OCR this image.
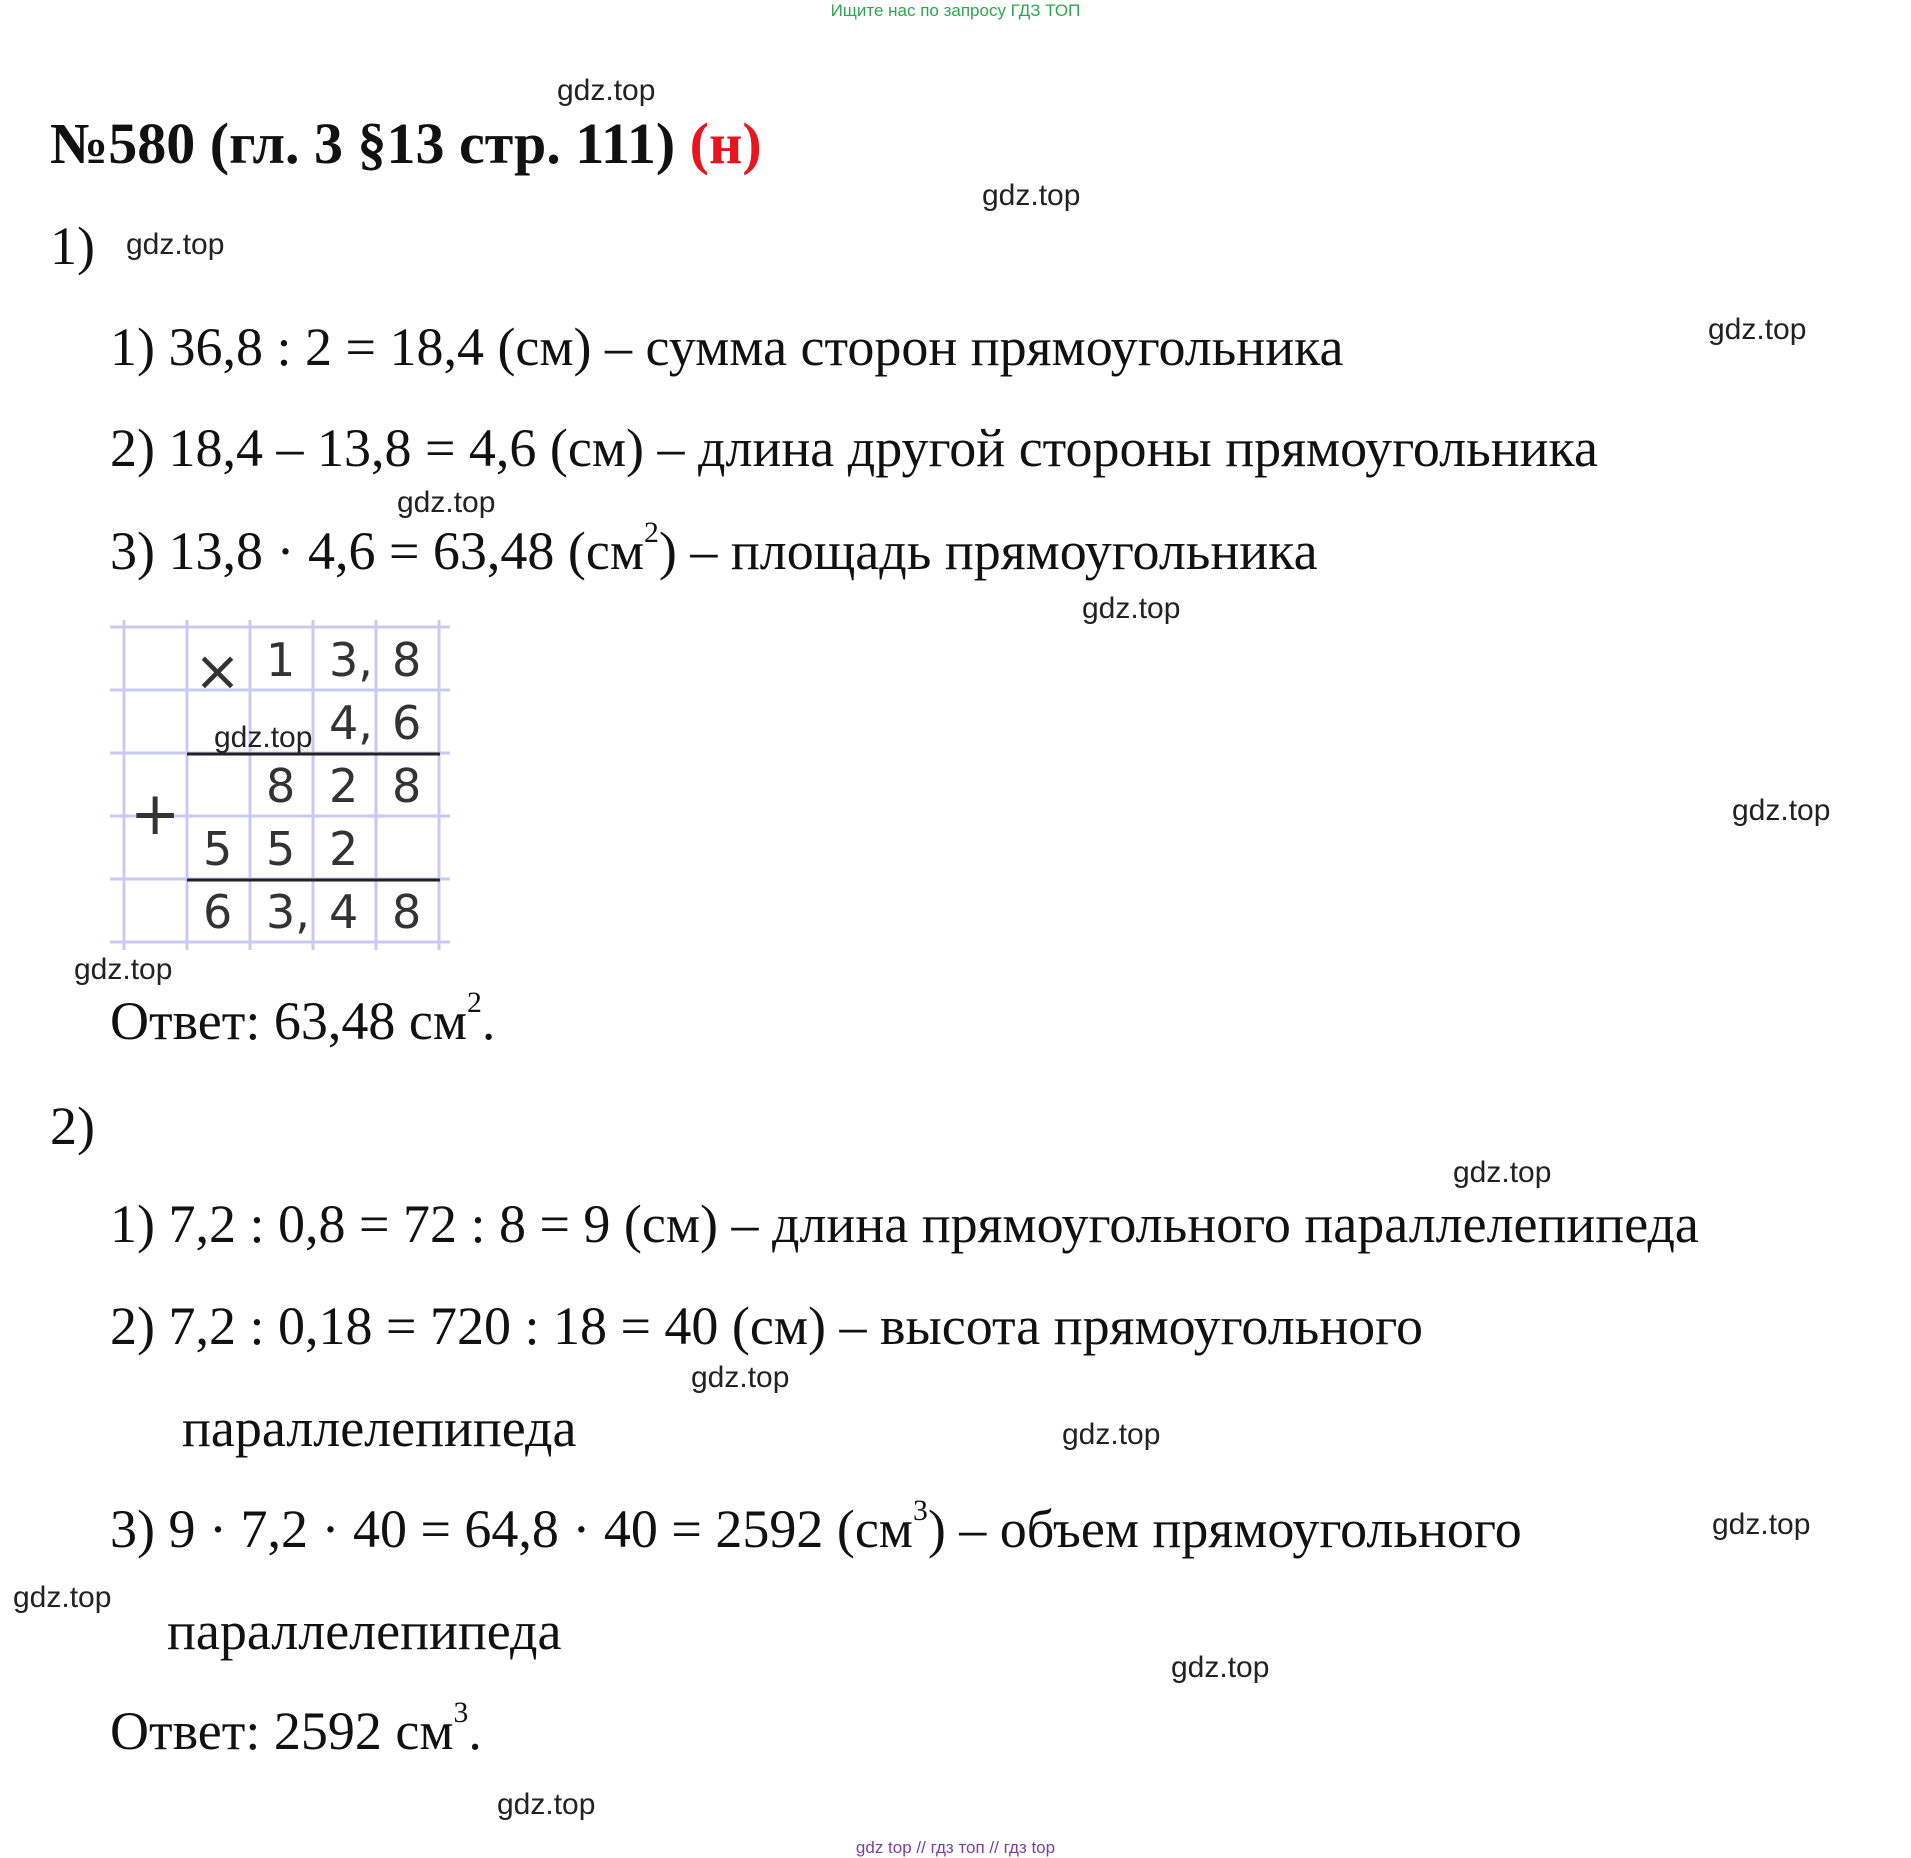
Ищите нас по запросу ГДЗ ТОП
№580 (гл. 3 §13 стр. 111) (н)
1)
1) 36,8 : 2 = 18,4 (см) – сумма сторон прямоугольника
2) 18,4 – 13,8 = 4,6 (см) – длина другой стороны прямоугольника
3) 13,8 · 4,6 = 63,48 $(см^2)$ – площадь прямоугольника
×
+
1 3, 8
4, 6
8 2 8
5 5 2
6 3, 4 8
Ответ: 63,48 $см^2$.
2)
1) 7,2 : 0,8 = 72 : 8 = 9 (см) – длина прямоугольного параллелепипеда
2) 7,2 : 0,18 = 720 : 18 = 40 (см) – высота прямоугольного
параллелепипеда
3) 9 · 7,2 · 40 = 64,8 · 40 = 2592 $(см^3)$ – объем прямоугольного
параллелепипеда
Ответ: 2592 $см^3$.
gdz.top
gdz.top
gdz.top
gdz.top
gdz.top
gdz.top
gdz.top
gdz.top
gdz.top
gdz.top
gdz.top
gdz.top
gdz.top
gdz.top
gdz.top
gdz.top
gdz top // гдз топ // гдз top
